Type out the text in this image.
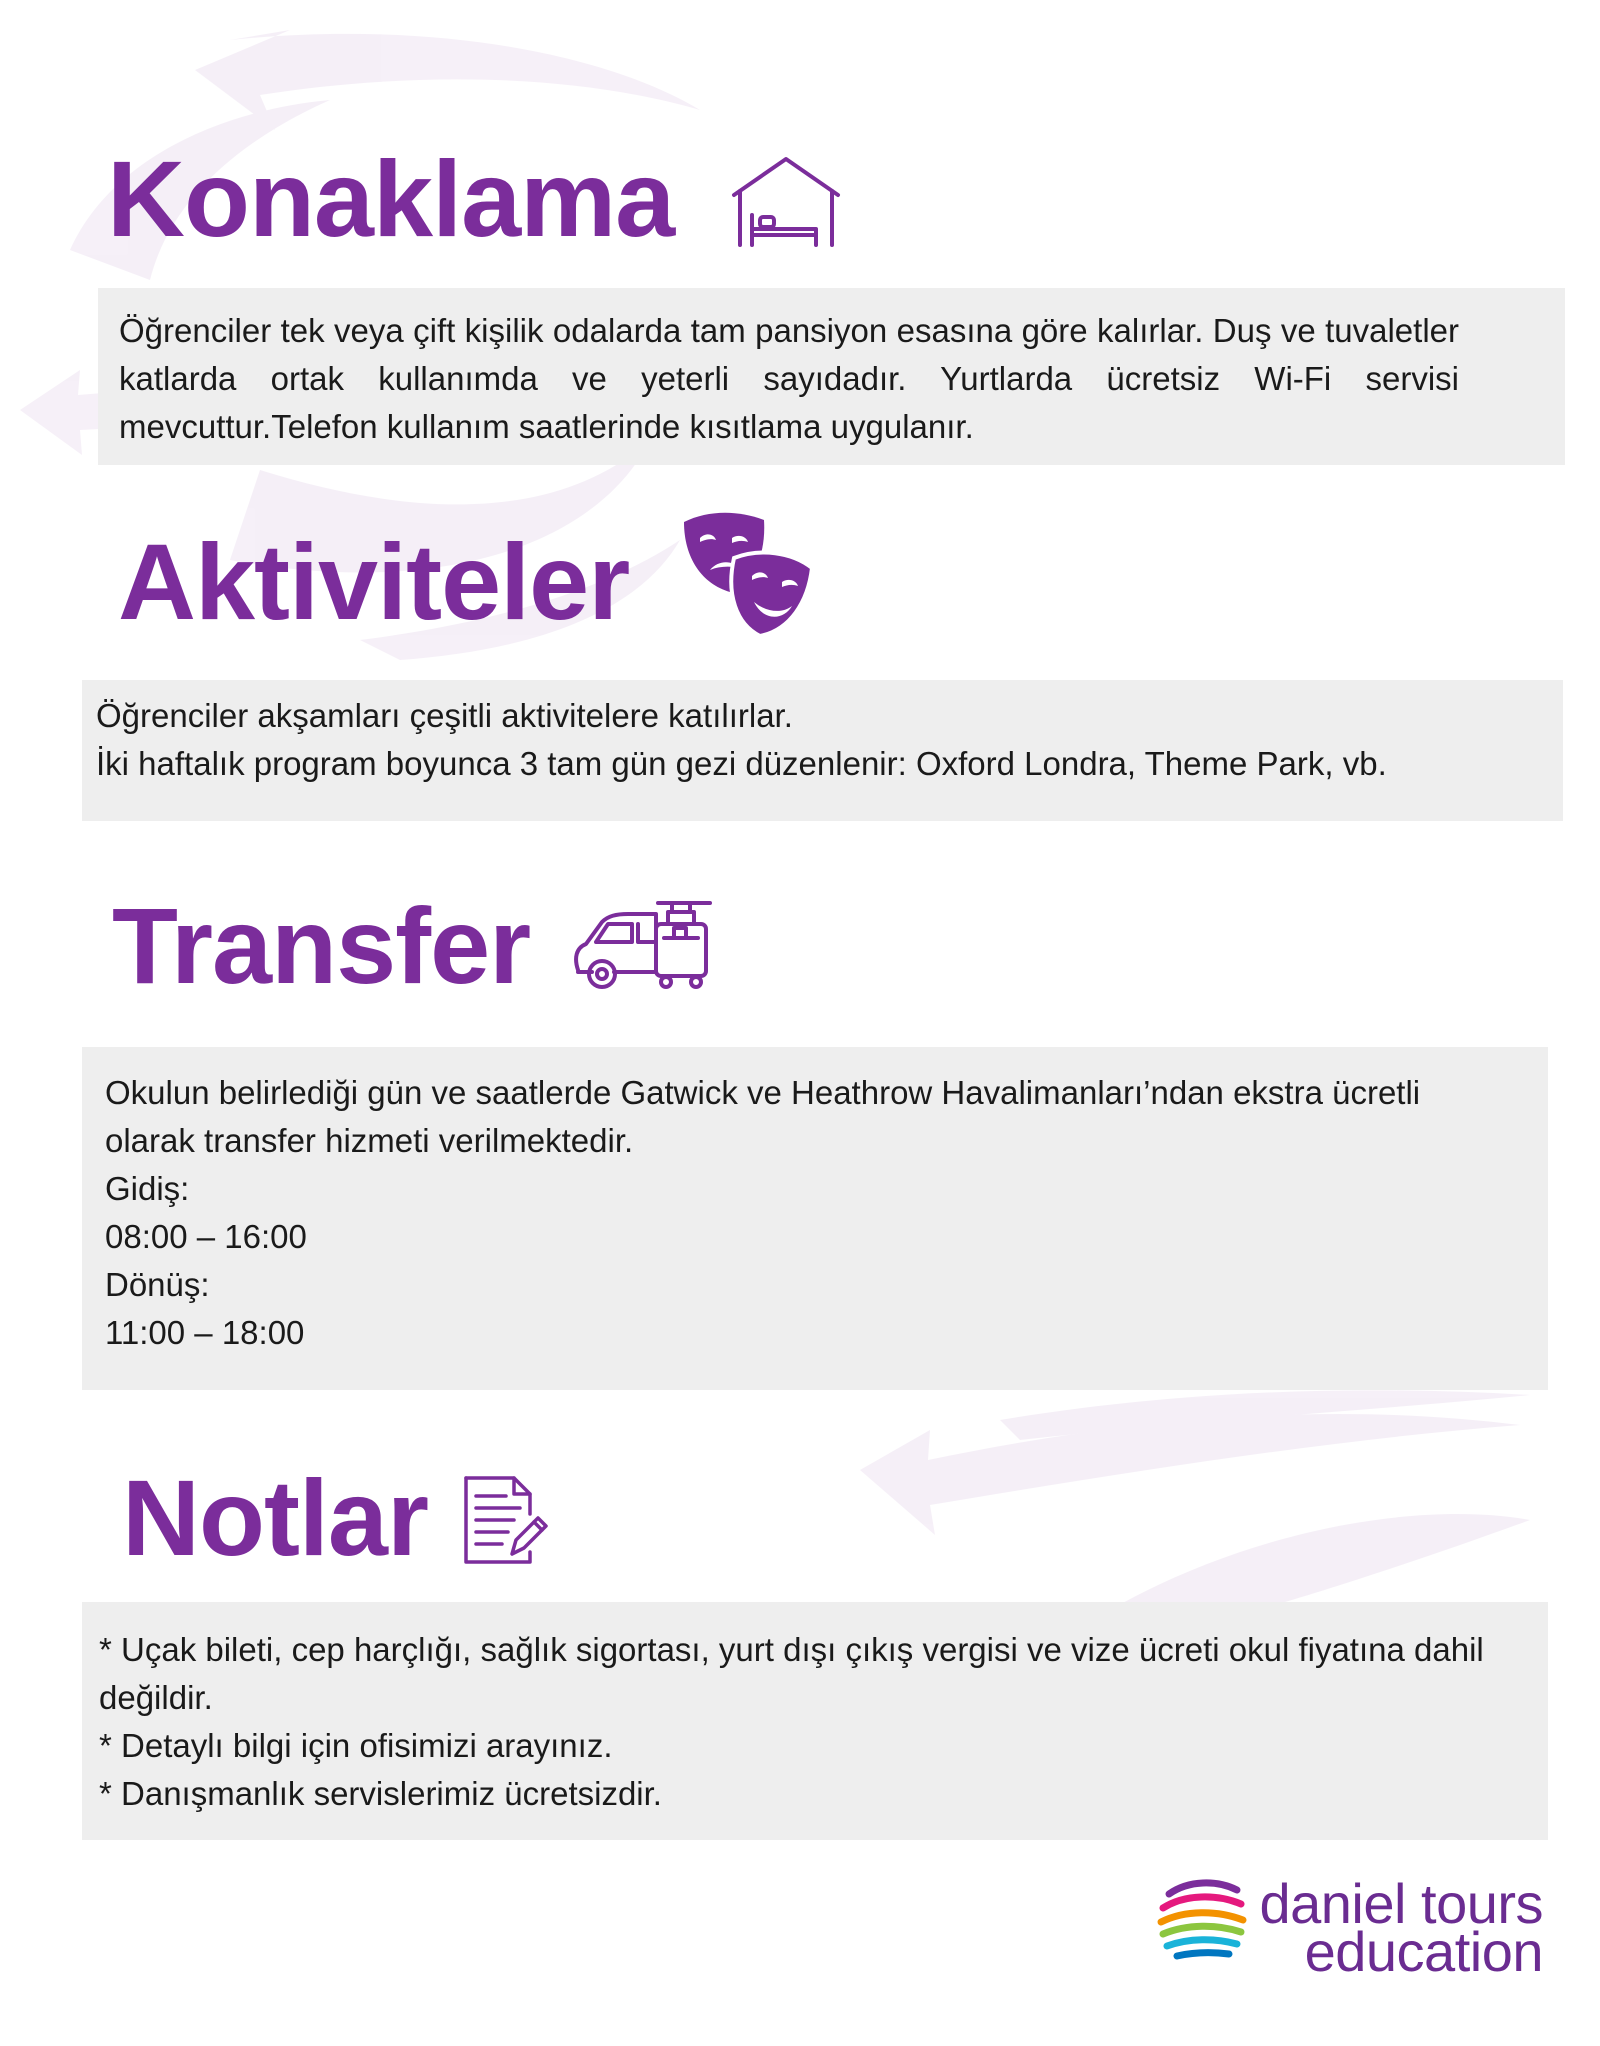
Konaklama

Öğrenciler tek veya çift kişilik odalarda tam pansiyon esasına göre kalırlar. Duş ve tuvaletler katlarda ortak kullanımda ve yeterli sayıdadır. Yurtlarda ücretsiz Wi-Fi servisi mevcuttur.Telefon kullanım saatlerinde kısıtlama uygulanır.

Aktiviteler

Öğrenciler akşamları çeşitli aktivitelere katılırlar.

İki haftalık program boyunca 3 tam gün gezi düzenlenir: Oxford Londra, Theme Park, vb.

Transfer

Okulun belirlediği gün ve saatlerde Gatwick ve Heathrow Havalimanları’ndan ekstra ücretli olarak transfer hizmeti verilmektedir.

Gidiş:

08:00 – 16:00

Dönüş:

11:00 – 18:00

Notlar

* Uçak bileti, cep harçlığı, sağlık sigortası, yurt dışı çıkış vergisi ve vize ücreti okul fiyatına dahil değildir.

* Detaylı bilgi için ofisimizi arayınız.

* Danışmanlık servislerimiz ücretsizdir.

daniel tours
education
